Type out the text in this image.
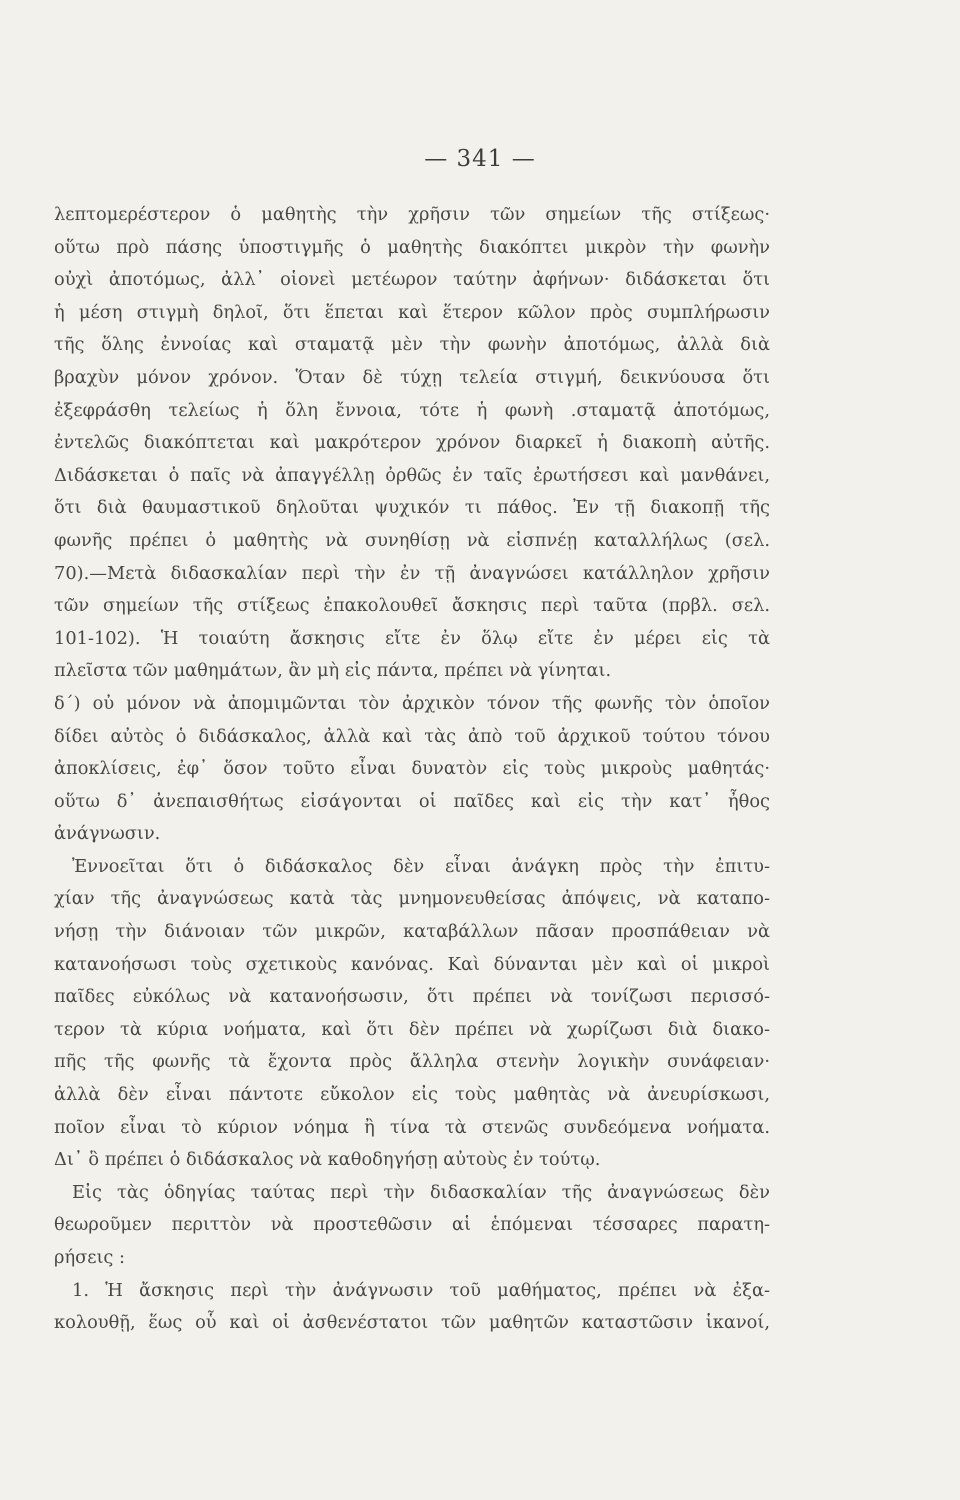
— 341 —
λεπτομερέστερον ὁ μαθητὴς τὴν χρῆσιν τῶν σημείων τῆς στίξεως·
οὕτω πρὸ πάσης ὑποστιγμῆς ὁ μαθητὴς διακόπτει μικρὸν τὴν φωνὴν
οὐχὶ ἀποτόμως, ἀλλ᾽ οἱονεὶ μετέωρον ταύτην ἀφήνων· διδάσκεται ὅτι
ἡ μέση στιγμὴ δηλοῖ, ὅτι ἕπεται καὶ ἕτερον κῶλον πρὸς συμπλήρωσιν
τῆς ὅλης ἐννοίας καὶ σταματᾷ μὲν τὴν φωνὴν ἀποτόμως, ἀλλὰ διὰ
βραχὺν μόνον χρόνον. Ὅταν δὲ τύχῃ τελεία στιγμή, δεικνύουσα ὅτι
ἐξεφράσθη τελείως ἡ ὅλη ἔννοια, τότε ἡ φωνὴ .σταματᾷ ἀποτόμως,
ἐντελῶς διακόπτεται καὶ μακρότερον χρόνον διαρκεῖ ἡ διακοπὴ αὐτῆς.
Διδάσκεται ὁ παῖς νὰ ἀπαγγέλλῃ ὀρθῶς ἐν ταῖς ἐρωτήσεσι καὶ μανθάνει,
ὅτι διὰ θαυμαστικοῦ δηλοῦται ψυχικόν τι πάθος. Ἐν τῇ διακοπῇ τῆς
φωνῆς πρέπει ὁ μαθητὴς νὰ συνηθίσῃ νὰ εἰσπνέῃ καταλλήλως (σελ.
70).—Μετὰ διδασκαλίαν περὶ τὴν ἐν τῇ ἀναγνώσει κατάλληλον χρῆσιν
τῶν σημείων τῆς στίξεως ἐπακολουθεῖ ἄσκησις περὶ ταῦτα (πρβλ. σελ.
101-102). Ἡ τοιαύτη ἄσκησις εἴτε ἐν ὅλῳ εἴτε ἐν μέρει εἰς τὰ
πλεῖστα τῶν μαθημάτων, ἂν μὴ εἰς πάντα, πρέπει νὰ γίνηται.
δ´) οὐ μόνον νὰ ἀπομιμῶνται τὸν ἀρχικὸν τόνον τῆς φωνῆς τὸν ὁποῖον
δίδει αὐτὸς ὁ διδάσκαλος, ἀλλὰ καὶ τὰς ἀπὸ τοῦ ἀρχικοῦ τούτου τόνου
ἀποκλίσεις, ἐφ᾽ ὅσον τοῦτο εἶναι δυνατὸν εἰς τοὺς μικροὺς μαθητάς·
οὕτω δ᾽ ἀνεπαισθήτως εἰσάγονται οἱ παῖδες καὶ εἰς τὴν κατ᾽ ἦθος
ἀνάγνωσιν.
Ἐννοεῖται ὅτι ὁ διδάσκαλος δὲν εἶναι ἀνάγκη πρὸς τὴν ἐπιτυ-
χίαν τῆς ἀναγνώσεως κατὰ τὰς μνημονευθείσας ἀπόψεις, νὰ καταπο-
νήσῃ τὴν διάνοιαν τῶν μικρῶν, καταβάλλων πᾶσαν προσπάθειαν νὰ
κατανοήσωσι τοὺς σχετικοὺς κανόνας. Καὶ δύνανται μὲν καὶ οἱ μικροὶ
παῖδες εὐκόλως νὰ κατανοήσωσιν, ὅτι πρέπει νὰ τονίζωσι περισσό-
τερον τὰ κύρια νοήματα, καὶ ὅτι δὲν πρέπει νὰ χωρίζωσι διὰ διακο-
πῆς τῆς φωνῆς τὰ ἔχοντα πρὸς ἄλληλα στενὴν λογικὴν συνάφειαν·
ἀλλὰ δὲν εἶναι πάντοτε εὔκολον εἰς τοὺς μαθητὰς νὰ ἀνευρίσκωσι,
ποῖον εἶναι τὸ κύριον νόημα ἢ τίνα τὰ στενῶς συνδεόμενα νοήματα.
Δι᾽ ὃ πρέπει ὁ διδάσκαλος νὰ καθοδηγήσῃ αὐτοὺς ἐν τούτῳ.
Εἰς τὰς ὁδηγίας ταύτας περὶ τὴν διδασκαλίαν τῆς ἀναγνώσεως δὲν
θεωροῦμεν περιττὸν νὰ προστεθῶσιν αἱ ἑπόμεναι τέσσαρες παρατη-
ρήσεις :
1. Ἡ ἄσκησις περὶ τὴν ἀνάγνωσιν τοῦ μαθήματος, πρέπει νὰ ἐξα-
κολουθῇ, ἕως οὗ καὶ οἱ ἀσθενέστατοι τῶν μαθητῶν καταστῶσιν ἱκανοί,
